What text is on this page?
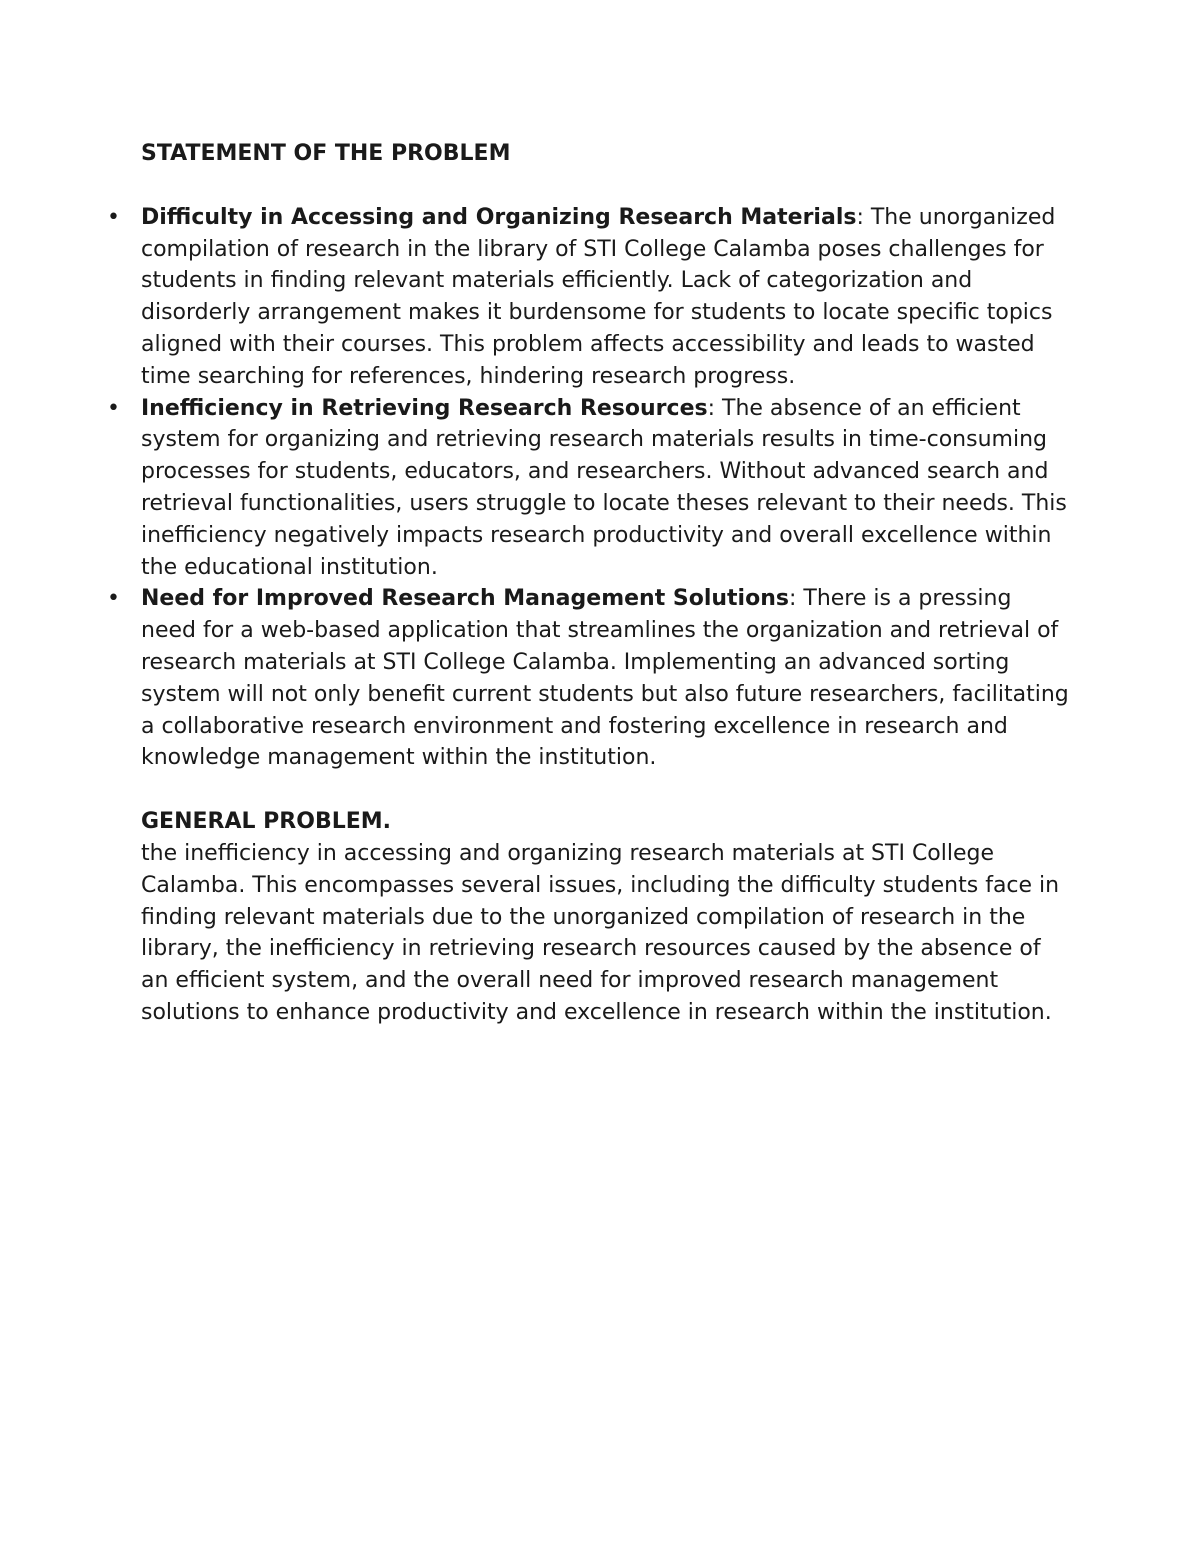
STATEMENT OF THE PROBLEM

• Difficulty in Accessing and Organizing Research Materials: The unorganized compilation of research in the library of STI College Calamba poses challenges for students in finding relevant materials efficiently. Lack of categorization and disorderly arrangement makes it burdensome for students to locate specific topics aligned with their courses. This problem affects accessibility and leads to wasted time searching for references, hindering research progress.
• Inefficiency in Retrieving Research Resources: The absence of an efficient system for organizing and retrieving research materials results in time-consuming processes for students, educators, and researchers. Without advanced search and retrieval functionalities, users struggle to locate theses relevant to their needs. This inefficiency negatively impacts research productivity and overall excellence within the educational institution.
• Need for Improved Research Management Solutions: There is a pressing need for a web-based application that streamlines the organization and retrieval of research materials at STI College Calamba. Implementing an advanced sorting system will not only benefit current students but also future researchers, facilitating a collaborative research environment and fostering excellence in research and knowledge management within the institution.

GENERAL PROBLEM.

the inefficiency in accessing and organizing research materials at STI College Calamba. This encompasses several issues, including the difficulty students face in finding relevant materials due to the unorganized compilation of research in the library, the inefficiency in retrieving research resources caused by the absence of an efficient system, and the overall need for improved research management solutions to enhance productivity and excellence in research within the institution.
